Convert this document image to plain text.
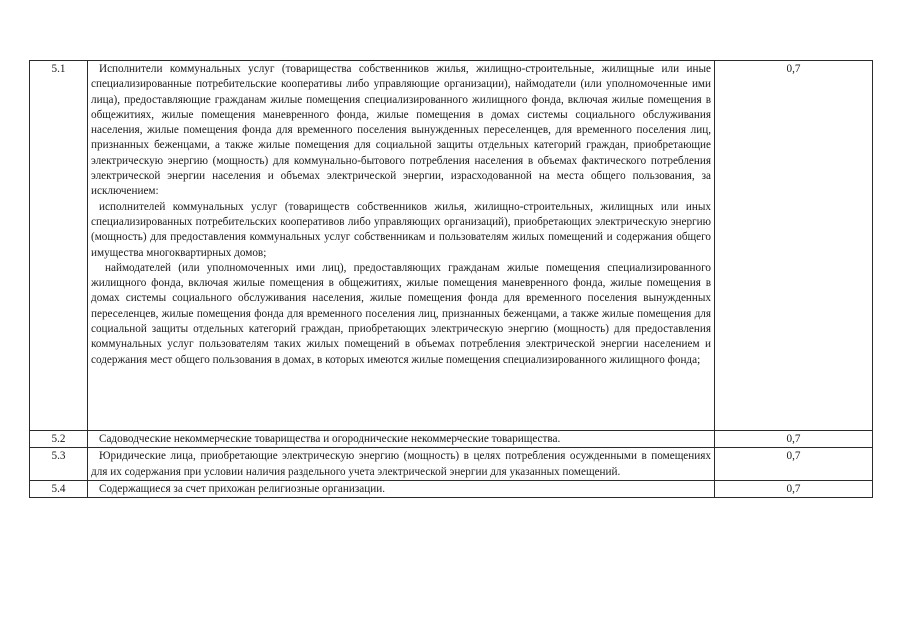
5.1	Исполнители коммунальных услуг (товарищества собственников жилья, жилищно-строительные, жилищные или иные специализированные потребительские кооперативы либо управляющие организации), наймодатели (или уполномоченные ими лица), предоставляющие гражданам жилые помещения специализированного жилищного фонда, включая жилые помещения в общежитиях, жилые помещения маневренного фонда, жилые помещения в домах системы социального обслуживания населения, жилые помещения фонда для временного поселения вынужденных переселенцев, для временного поселения лиц, признанных беженцами, а также жилые помещения для социальной защиты отдельных категорий граждан, приобретающие электрическую энергию (мощность) для коммунально-бытового потребления населения в объемах фактического потребления электрической энергии населения и объемах электрической энергии, израсходованной на места общего пользования, за исключением:

исполнителей коммунальных услуг (товариществ собственников жилья, жилищно-строительных, жилищных или иных специализированных потребительских кооперативов либо управляющих организаций), приобретающих электрическую энергию (мощность) для предоставления коммунальных услуг собственникам и пользователям жилых помещений и содержания общего имущества многоквартирных домов;

наймодателей (или уполномоченных ими лиц), предоставляющих гражданам жилые помещения специализированного жилищного фонда, включая жилые помещения в общежитиях, жилые помещения маневренного фонда, жилые помещения в домах системы социального обслуживания населения, жилые помещения фонда для временного поселения вынужденных переселенцев, жилые помещения фонда для временного поселения лиц, признанных беженцами, а также жилые помещения для социальной защиты отдельных категорий граждан, приобретающих электрическую энергию (мощность) для предоставления коммунальных услуг пользователям таких жилых помещений в объемах потребления электрической энергии населением и содержания мест общего пользования в домах, в которых имеются жилые помещения специализированного жилищного фонда;	0,7
5.2	Садоводческие некоммерческие товарищества и огороднические некоммерческие товарищества.	0,7
5.3	Юридические лица, приобретающие электрическую энергию (мощность) в целях потребления осужденными в помещениях для их содержания при условии наличия раздельного учета электрической энергии для указанных помещений.	0,7
5.4	Содержащиеся за счет прихожан религиозные организации.	0,7
